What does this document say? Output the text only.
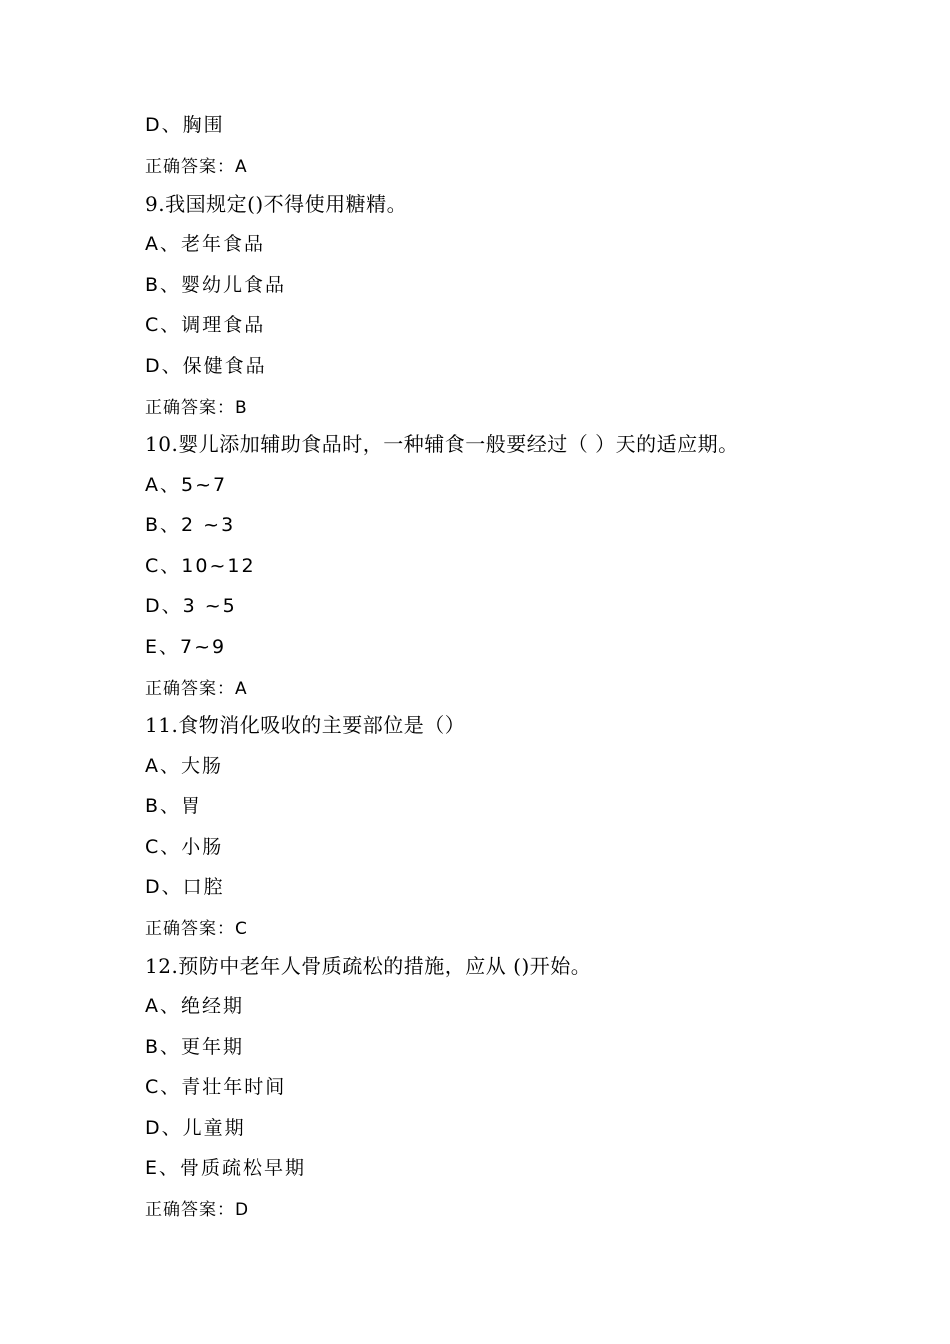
D、胸围
正确答案：A
9.我国规定()不得使用糖精。
A、老年食品
B、婴幼儿食品
C、调理食品
D、保健食品
正确答案：B
10.婴儿添加辅助食品时，一种辅食一般要经过（ ）天的适应期。
A、5~7
B、2 ~3
C、10~12
D、3 ~5
E、7~9
正确答案：A
11.食物消化吸收的主要部位是（）
A、大肠
B、胃
C、小肠
D、口腔
正确答案：C
12.预防中老年人骨质疏松的措施，应从 ()开始。
A、绝经期
B、更年期
C、青壮年时间
D、儿童期
E、骨质疏松早期
正确答案：D
